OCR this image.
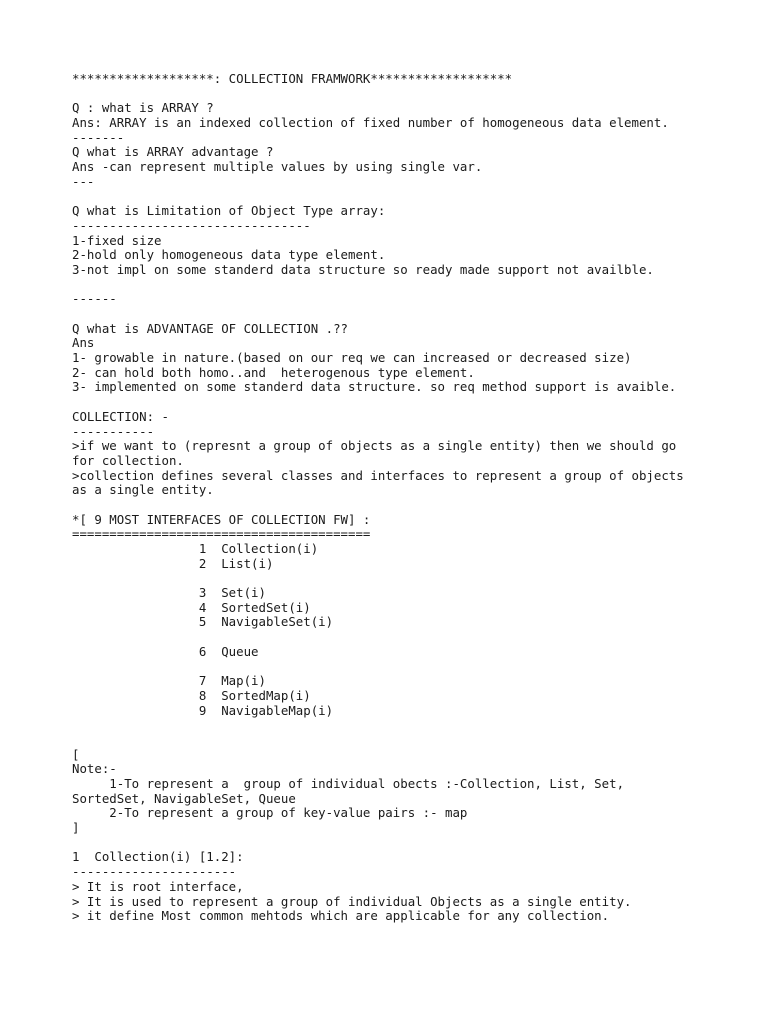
*******************: COLLECTION FRAMWORK*******************

Q : what is ARRAY ?
Ans: ARRAY is an indexed collection of fixed number of homogeneous data element.
-------
Q what is ARRAY advantage ?
Ans -can represent multiple values by using single var.
---

Q what is Limitation of Object Type array:
--------------------------------
1-fixed size
2-hold only homogeneous data type element.
3-not impl on some standerd data structure so ready made support not availble.

------

Q what is ADVANTAGE OF COLLECTION .??
Ans
1- growable in nature.(based on our req we can increased or decreased size)
2- can hold both homo..and  heterogenous type element.
3- implemented on some standerd data structure. so req method support is avaible.

COLLECTION: -
-----------
>if we want to (represnt a group of objects as a single entity) then we should go
for collection.
>collection defines several classes and interfaces to represent a group of objects
as a single entity.

*[ 9 MOST INTERFACES OF COLLECTION FW] :
========================================
1  Collection(i)
2  List(i)

3  Set(i)
4  SortedSet(i)
5  NavigableSet(i)

6  Queue

7  Map(i)
8  SortedMap(i)
9  NavigableMap(i)

[
Note:-
1-To represent a  group of individual obects :-Collection, List, Set,
SortedSet, NavigableSet, Queue
2-To represent a group of key-value pairs :- map
]

1  Collection(i) [1.2]:
----------------------
> It is root interface,
> It is used to represent a group of individual Objects as a single entity.
> it define Most common mehtods which are applicable for any collection.
